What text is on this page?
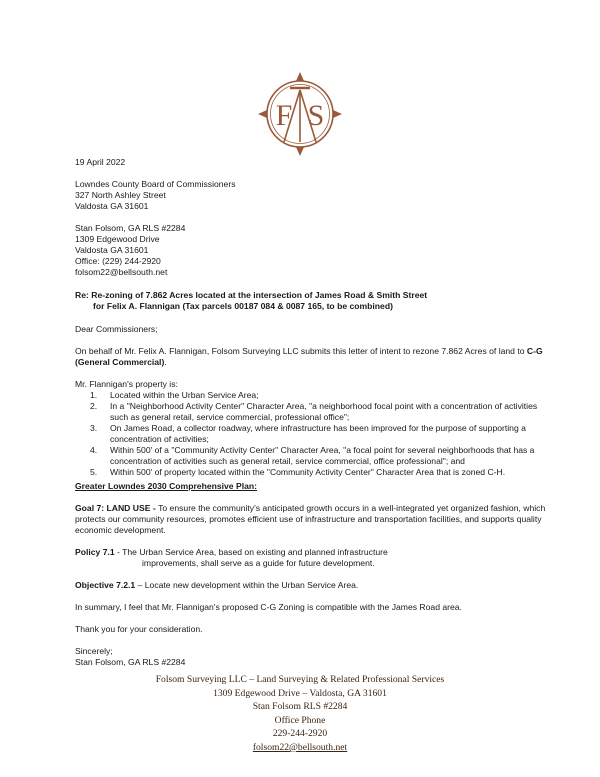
F S
19 April 2022
Lowndes County Board of Commissioners
327 North Ashley Street
Valdosta GA 31601
Stan Folsom, GA RLS #2284
1309 Edgewood Drive
Valdosta GA 31601
Office: (229) 244-2920
folsom22@bellsouth.net
Re: Re-zoning of 7.862 Acres located at the intersection of James Road & Smith Street
for Felix A. Flannigan (Tax parcels 00187 084 & 0087 165, to be combined)
Dear Commissioners;
On behalf of Mr. Felix A. Flannigan, Folsom Surveying LLC submits this letter of intent to rezone 7.862 Acres of land to C-G
(General Commercial).
Mr. Flannigan's property is:
1. Located within the Urban Service Area;
2. In a "Neighborhood Activity Center" Character Area, "a neighborhood focal point with a concentration of activities
such as general retail, service commercial, professional office";
3. On James Road, a collector roadway, where infrastructure has been improved for the purpose of supporting a
concentration of activities;
4. Within 500' of a "Community Activity Center" Character Area, "a focal point for several neighborhoods that has a
concentration of activities such as general retail, service commercial, office professional"; and
5. Within 500' of property located within the "Community Activity Center" Character Area that is zoned C-H.
Greater Lowndes 2030 Comprehensive Plan:
Goal 7: LAND USE - To ensure the community's anticipated growth occurs in a well-integrated yet organized fashion, which
protects our community resources, promotes efficient use of infrastructure and transportation facilities, and supports quality
economic development.
Policy 7.1 - The Urban Service Area, based on existing and planned infrastructure
improvements, shall serve as a guide for future development.
Objective 7.2.1 – Locate new development within the Urban Service Area.
In summary, I feel that Mr. Flannigan's proposed C-G Zoning is compatible with the James Road area.
Thank you for your consideration.
Sincerely;
Stan Folsom, GA RLS #2284
Folsom Surveying LLC – Land Surveying & Related Professional Services
1309 Edgewood Drive – Valdosta, GA 31601
Stan Folsom RLS #2284
Office Phone
229-244-2920
folsom22@bellsouth.net
